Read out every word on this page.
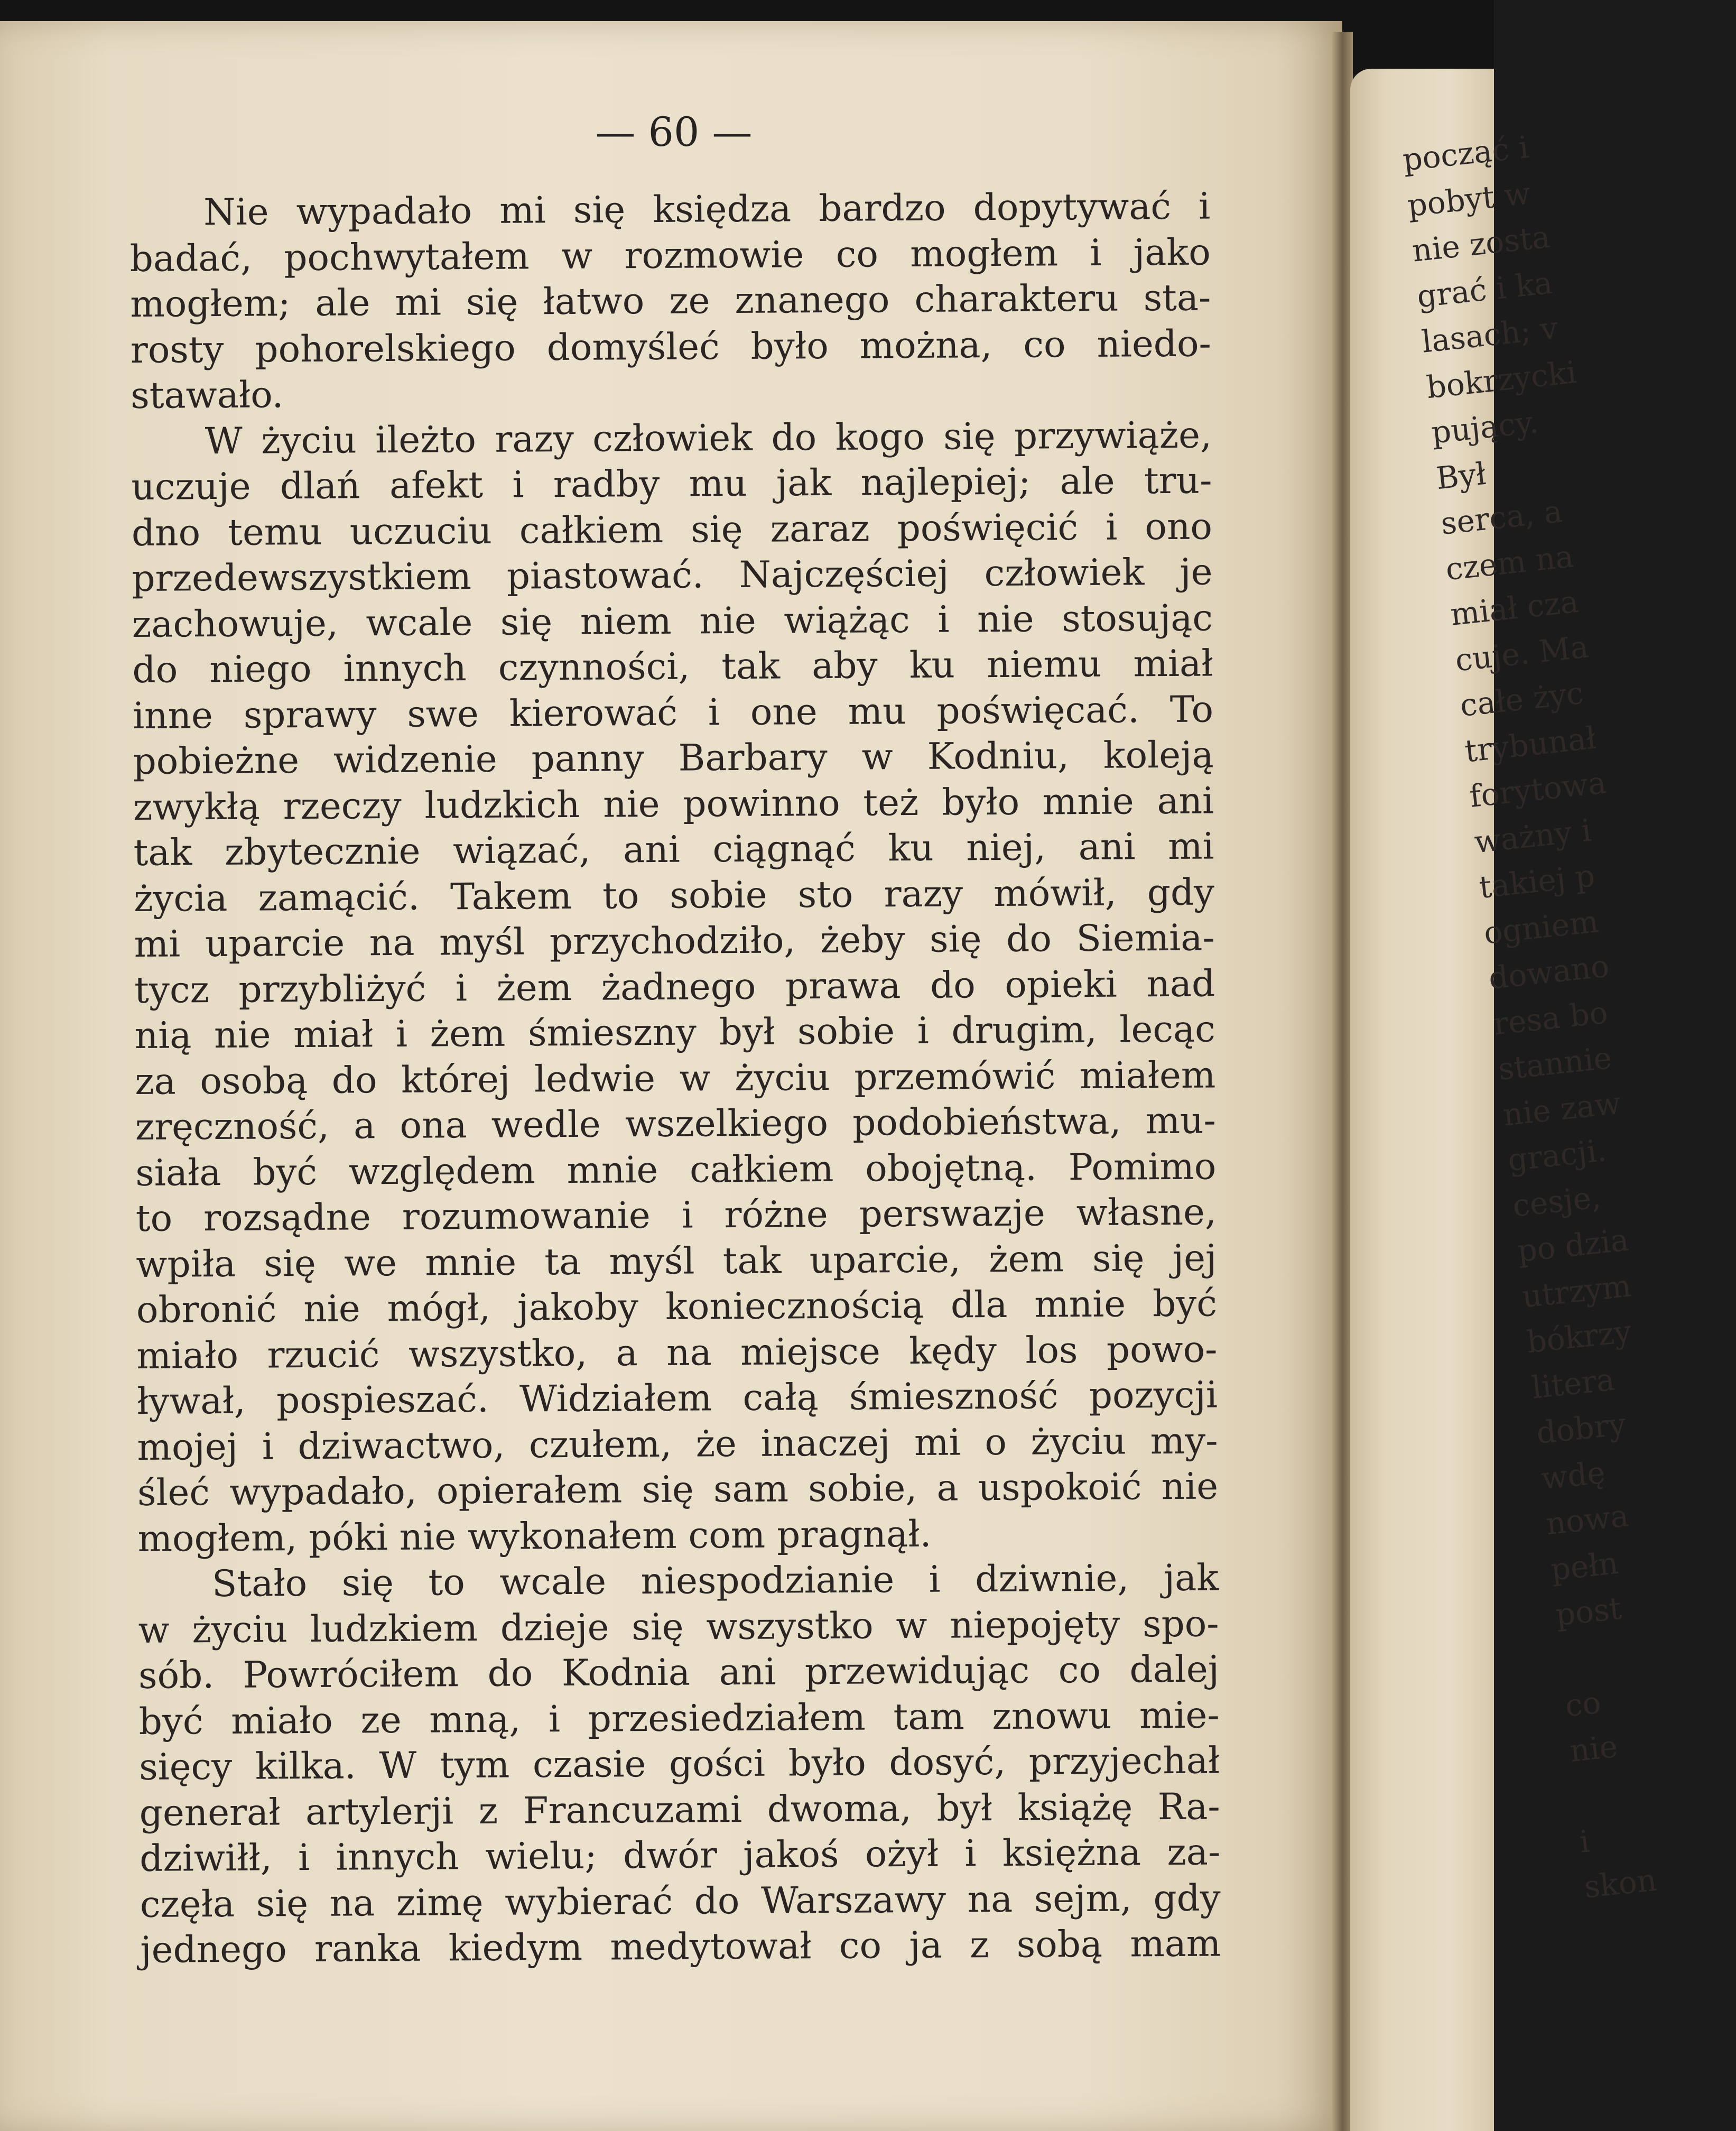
— 60 —
Nie wypadało mi się księdza bardzo dopytywać i
badać, pochwytałem w rozmowie co mogłem i jako
mogłem; ale mi się łatwo ze znanego charakteru sta-
rosty pohorelskiego domyśleć było można, co niedo-
stawało.
W życiu ileżto razy człowiek do kogo się przywiąże,
uczuje dlań afekt i radby mu jak najlepiej; ale tru-
dno temu uczuciu całkiem się zaraz poświęcić i ono
przedewszystkiem piastować. Najczęściej człowiek je
zachowuje, wcale się niem nie wiążąc i nie stosując
do niego innych czynności, tak aby ku niemu miał
inne sprawy swe kierować i one mu poświęcać. To
pobieżne widzenie panny Barbary w Kodniu, koleją
zwykłą rzeczy ludzkich nie powinno też było mnie ani
tak zbytecznie wiązać, ani ciągnąć ku niej, ani mi
życia zamącić. Takem to sobie sto razy mówił, gdy
mi uparcie na myśl przychodziło, żeby się do Siemia-
tycz przybliżyć i żem żadnego prawa do opieki nad
nią nie miał i żem śmieszny był sobie i drugim, lecąc
za osobą do której ledwie w życiu przemówić miałem
zręczność, a ona wedle wszelkiego podobieństwa, mu-
siała być względem mnie całkiem obojętną. Pomimo
to rozsądne rozumowanie i różne perswazje własne,
wpiła się we mnie ta myśl tak uparcie, żem się jej
obronić nie mógł, jakoby koniecznością dla mnie być
miało rzucić wszystko, a na miejsce kędy los powo-
ływał, pospieszać. Widziałem całą śmieszność pozycji
mojej i dziwactwo, czułem, że inaczej mi o życiu my-
śleć wypadało, opierałem się sam sobie, a uspokoić nie
mogłem, póki nie wykonałem com pragnął.
Stało się to wcale niespodzianie i dziwnie, jak
w życiu ludzkiem dzieje się wszystko w niepojęty spo-
sób. Powróciłem do Kodnia ani przewidując co dalej
być miało ze mną, i przesiedziałem tam znowu mie-
sięcy kilka. W tym czasie gości było dosyć, przyjechał
generał artylerji z Francuzami dwoma, był książę Ra-
dziwiłł, i innych wielu; dwór jakoś ożył i księżna za-
częła się na zimę wybierać do Warszawy na sejm, gdy
jednego ranka kiedym medytował co ja z sobą mam
począć i
pobyt w
nie zosta
grać i ka
lasach; v
bokrzycki
pujący.
Był
serca, a
czem na
miał cza
cuje. Ma
całe życ
trybunał
forytowa
ważny i
takiej p
ogniem
dowano
resa bo
stannie
nie zaw
gracji.
cesje,
po dzia
utrzym
bókrzy
litera
dobry
wdę
nowa
pełn
post
co
nie
i
skon
